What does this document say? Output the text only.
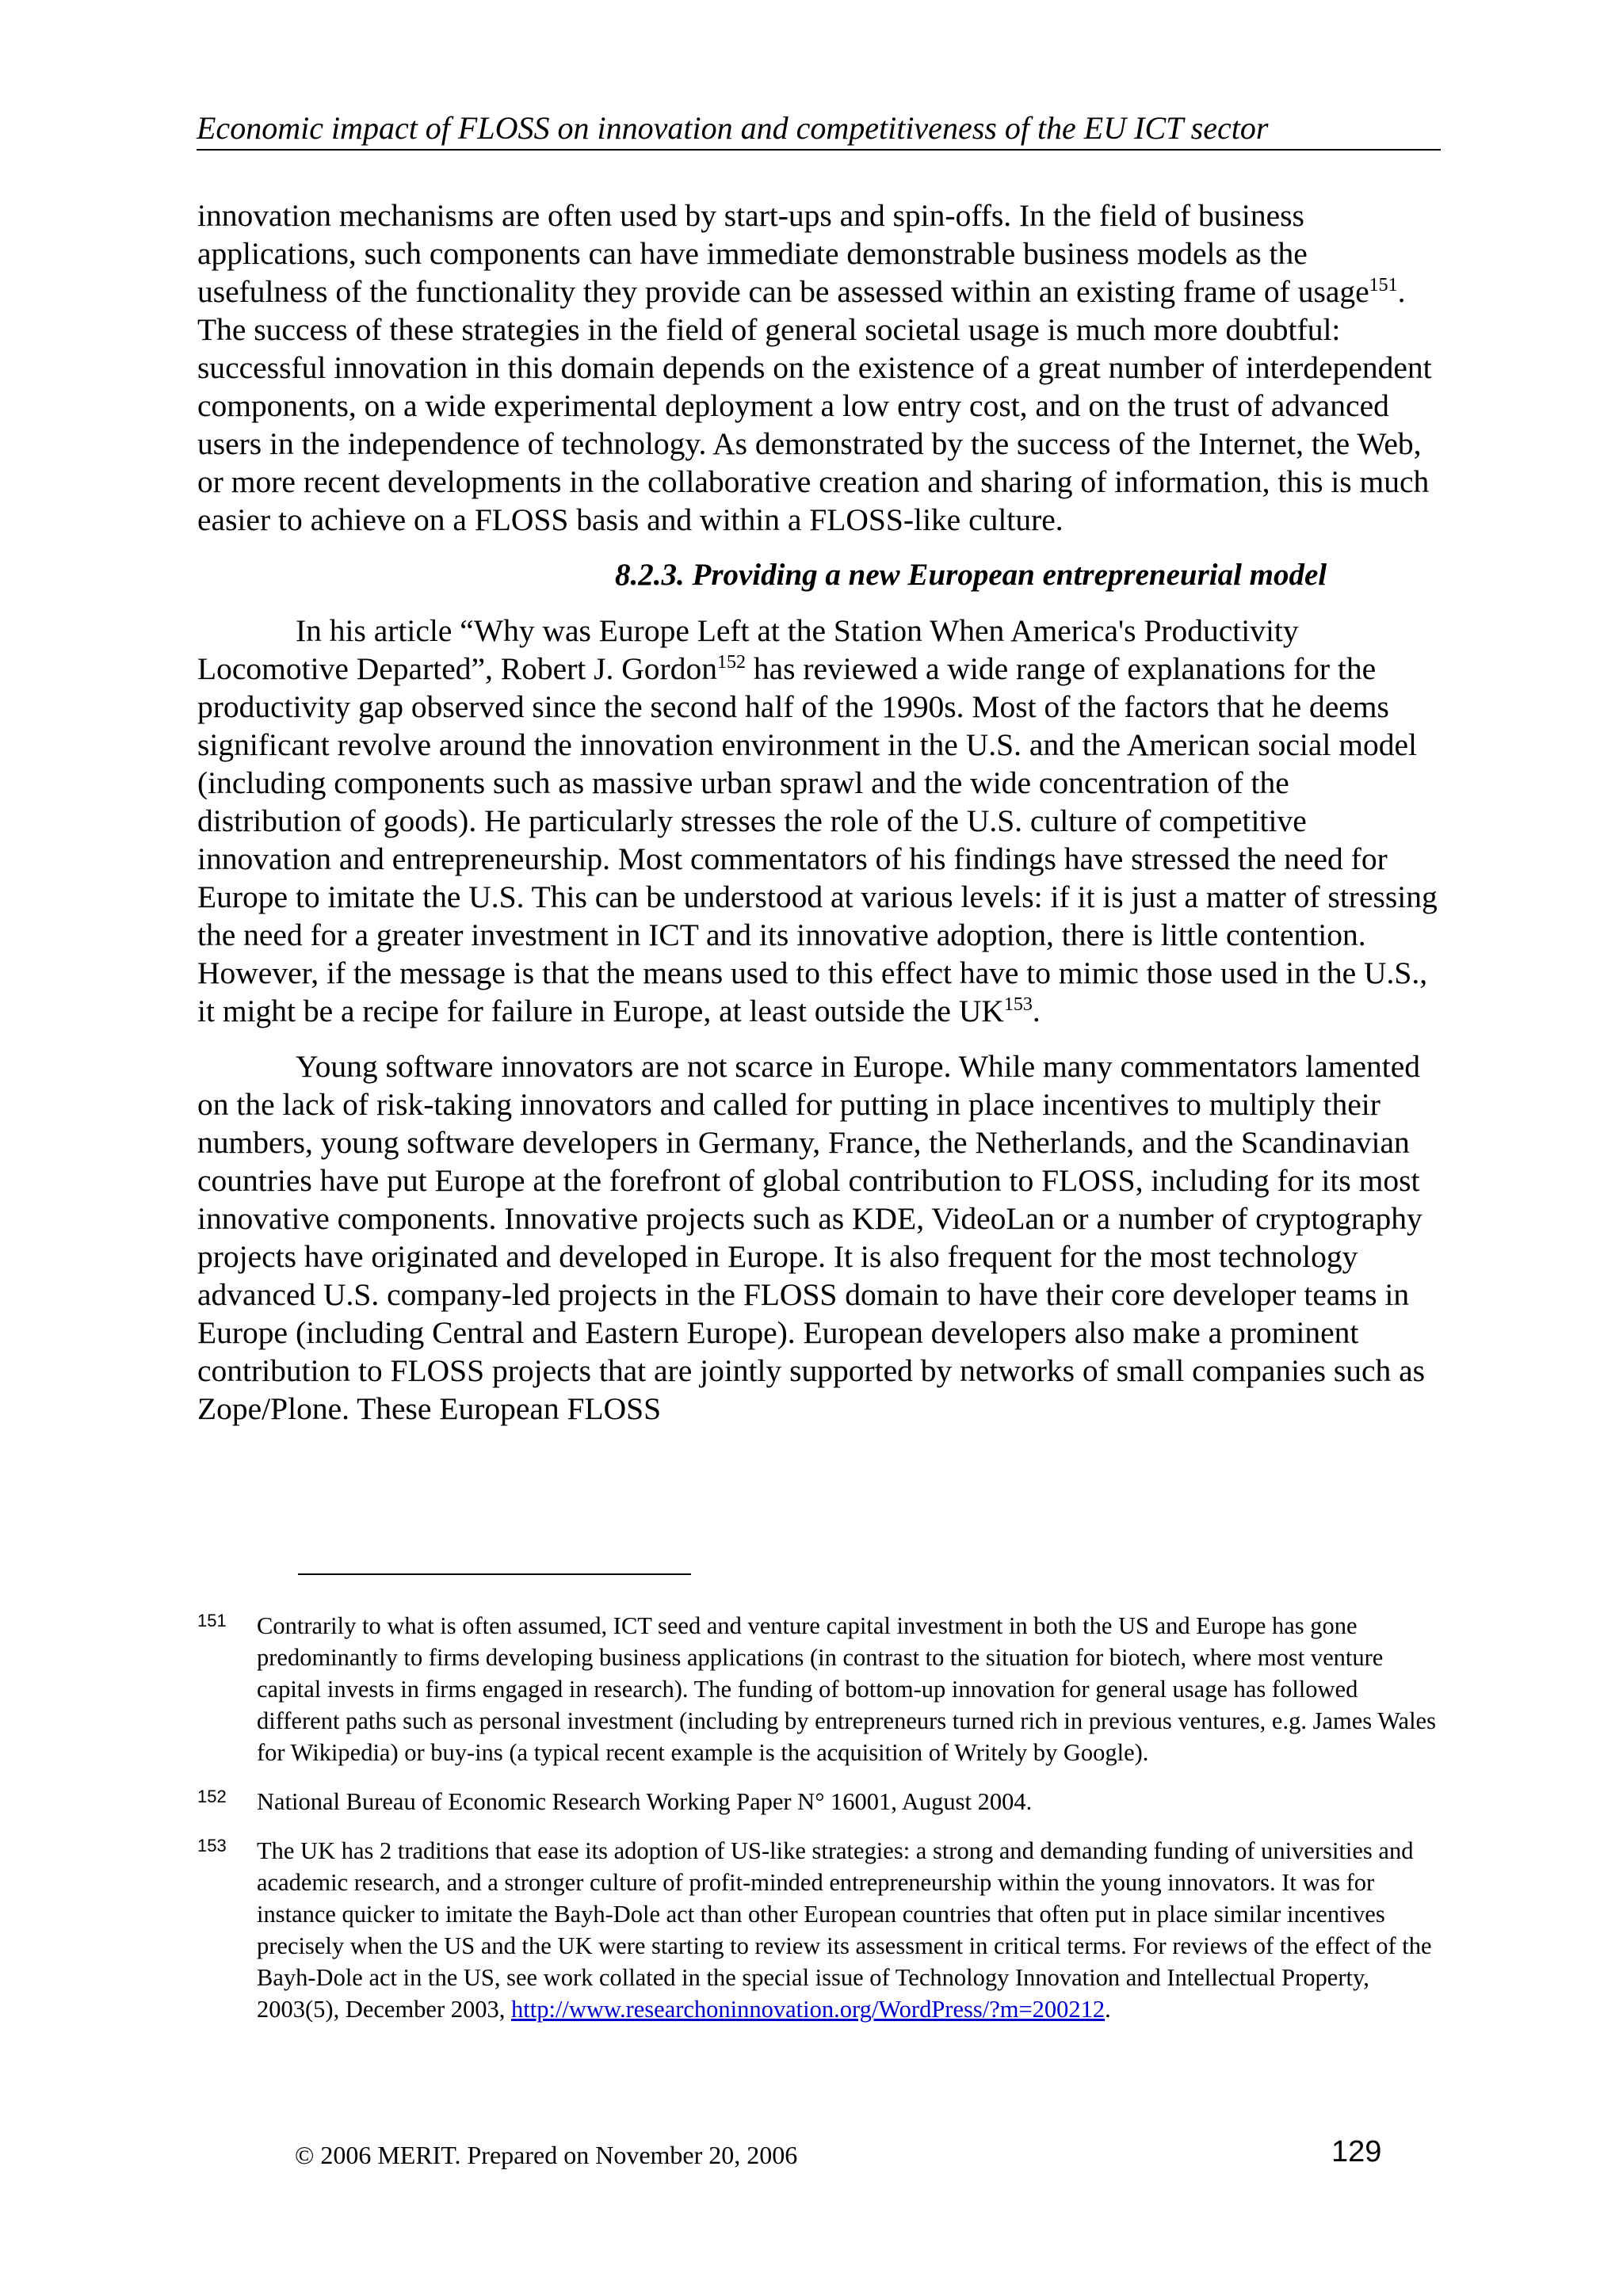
Economic impact of FLOSS on innovation and competitiveness of the EU ICT sector

innovation mechanisms are often used by start-ups and spin-offs. In the field of business applications, such components can have immediate demonstrable business models as the usefulness of the functionality they provide can be assessed within an existing frame of usage$^{151}$. The success of these strategies in the field of general societal usage is much more doubtful: successful innovation in this domain depends on the existence of a great number of interdependent components, on a wide experimental deployment a low entry cost, and on the trust of advanced users in the independence of technology. As demonstrated by the success of the Internet, the Web, or more recent developments in the collaborative creation and sharing of information, this is much easier to achieve on a FLOSS basis and within a FLOSS-like culture.

8.2.3. Providing a new European entrepreneurial model

In his article “Why was Europe Left at the Station When America's Productivity Locomotive Departed”, Robert J. Gordon$^{152}$ has reviewed a wide range of explanations for the productivity gap observed since the second half of the 1990s. Most of the factors that he deems significant revolve around the innovation environment in the U.S. and the American social model (including components such as massive urban sprawl and the wide concentration of the distribution of goods). He particularly stresses the role of the U.S. culture of competitive innovation and entrepreneurship. Most commentators of his findings have stressed the need for Europe to imitate the U.S. This can be understood at various levels: if it is just a matter of stressing the need for a greater investment in ICT and its innovative adoption, there is little contention. However, if the message is that the means used to this effect have to mimic those used in the U.S., it might be a recipe for failure in Europe, at least outside the UK$^{153}$.

Young software innovators are not scarce in Europe. While many commentators lamented on the lack of risk-taking innovators and called for putting in place incentives to multiply their numbers, young software developers in Germany, France, the Netherlands, and the Scandinavian countries have put Europe at the forefront of global contribution to FLOSS, including for its most innovative components. Innovative projects such as KDE, VideoLan or a number of cryptography projects have originated and developed in Europe. It is also frequent for the most technology advanced U.S. company-led projects in the FLOSS domain to have their core developer teams in Europe (including Central and Eastern Europe). European developers also make a prominent contribution to FLOSS projects that are jointly supported by networks of small companies such as Zope/Plone. These European FLOSS

151 Contrarily to what is often assumed, ICT seed and venture capital investment in both the US and Europe has gone predominantly to firms developing business applications (in contrast to the situation for biotech, where most venture capital invests in firms engaged in research). The funding of bottom-up innovation for general usage has followed different paths such as personal investment (including by entrepreneurs turned rich in previous ventures, e.g. James Wales for Wikipedia) or buy-ins (a typical recent example is the acquisition of Writely by Google).
152 National Bureau of Economic Research Working Paper N° 16001, August 2004.
153 The UK has 2 traditions that ease its adoption of US-like strategies: a strong and demanding funding of universities and academic research, and a stronger culture of profit-minded entrepreneurship within the young innovators. It was for instance quicker to imitate the Bayh-Dole act than other European countries that often put in place similar incentives precisely when the US and the UK were starting to review its assessment in critical terms. For reviews of the effect of the Bayh-Dole act in the US, see work collated in the special issue of Technology Innovation and Intellectual Property, 2003(5), December 2003, http://www.researchoninnovation.org/WordPress/?m=200212.
© 2006 MERIT. Prepared on November 20, 2006	129
